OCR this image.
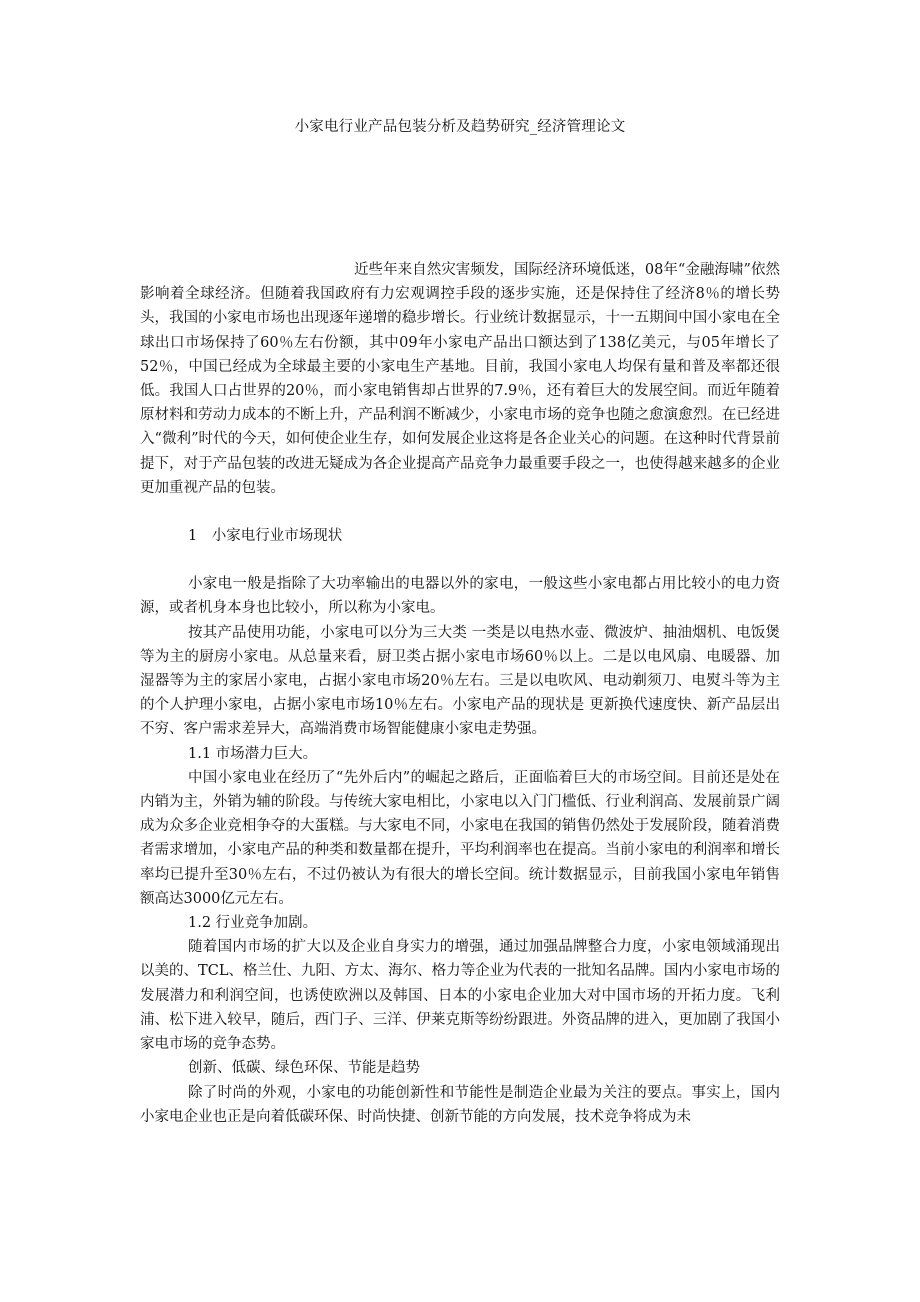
小家电行业产品包装分析及趋势研究_经济管理论文

近些年来自然灾害频发，国际经济环境低迷，08年“金融海啸”依然影响着全球经济。但随着我国政府有力宏观调控手段的逐步实施，还是保持住了经济8％的增长势头，我国的小家电市场也出现逐年递增的稳步增长。行业统计数据显示，十一五期间中国小家电在全球出口市场保持了60％左右份额，其中09年小家电产品出口额达到了138亿美元，与05年增长了52％，中国已经成为全球最主要的小家电生产基地。目前，我国小家电人均保有量和普及率都还很低。我国人口占世界的20％，而小家电销售却占世界的7.9％，还有着巨大的发展空间。而近年随着原材料和劳动力成本的不断上升，产品利润不断减少，小家电市场的竞争也随之愈演愈烈。在已经进入“微利”时代的今天，如何使企业生存，如何发展企业这将是各企业关心的问题。在这种时代背景前提下，对于产品包装的改进无疑成为各企业提高产品竞争力最重要手段之一，也使得越来越多的企业更加重视产品的包装。

1　小家电行业市场现状

小家电一般是指除了大功率输出的电器以外的家电，一般这些小家电都占用比较小的电力资源，或者机身本身也比较小，所以称为小家电。

按其产品使用功能，小家电可以分为三大类 一类是以电热水壶、微波炉、抽油烟机、电饭煲等为主的厨房小家电。从总量来看，厨卫类占据小家电市场60％以上。二是以电风扇、电暖器、加湿器等为主的家居小家电，占据小家电市场20％左右。三是以电吹风、电动剃须刀、电熨斗等为主的个人护理小家电，占据小家电市场10％左右。小家电产品的现状是 更新换代速度快、新产品层出不穷、客户需求差异大，高端消费市场智能健康小家电走势强。

1.1 市场潜力巨大。

中国小家电业在经历了“先外后内”的崛起之路后，正面临着巨大的市场空间。目前还是处在内销为主，外销为辅的阶段。与传统大家电相比，小家电以入门门槛低、行业利润高、发展前景广阔成为众多企业竞相争夺的大蛋糕。与大家电不同，小家电在我国的销售仍然处于发展阶段，随着消费者需求增加，小家电产品的种类和数量都在提升，平均利润率也在提高。当前小家电的利润率和增长率均已提升至30％左右，不过仍被认为有很大的增长空间。统计数据显示，目前我国小家电年销售额高达3000亿元左右。

1.2 行业竞争加剧。

随着国内市场的扩大以及企业自身实力的增强，通过加强品牌整合力度，小家电领域涌现出以美的、TCL、格兰仕、九阳、方太、海尔、格力等企业为代表的一批知名品牌。国内小家电市场的发展潜力和利润空间，也诱使欧洲以及韩国、日本的小家电企业加大对中国市场的开拓力度。飞利浦、松下进入较早，随后，西门子、三洋、伊莱克斯等纷纷跟进。外资品牌的进入，更加剧了我国小家电市场的竞争态势。

创新、低碳、绿色环保、节能是趋势

除了时尚的外观，小家电的功能创新性和节能性是制造企业最为关注的要点。事实上，国内小家电企业也正是向着低碳环保、时尚快捷、创新节能的方向发展，技术竞争将成为未
